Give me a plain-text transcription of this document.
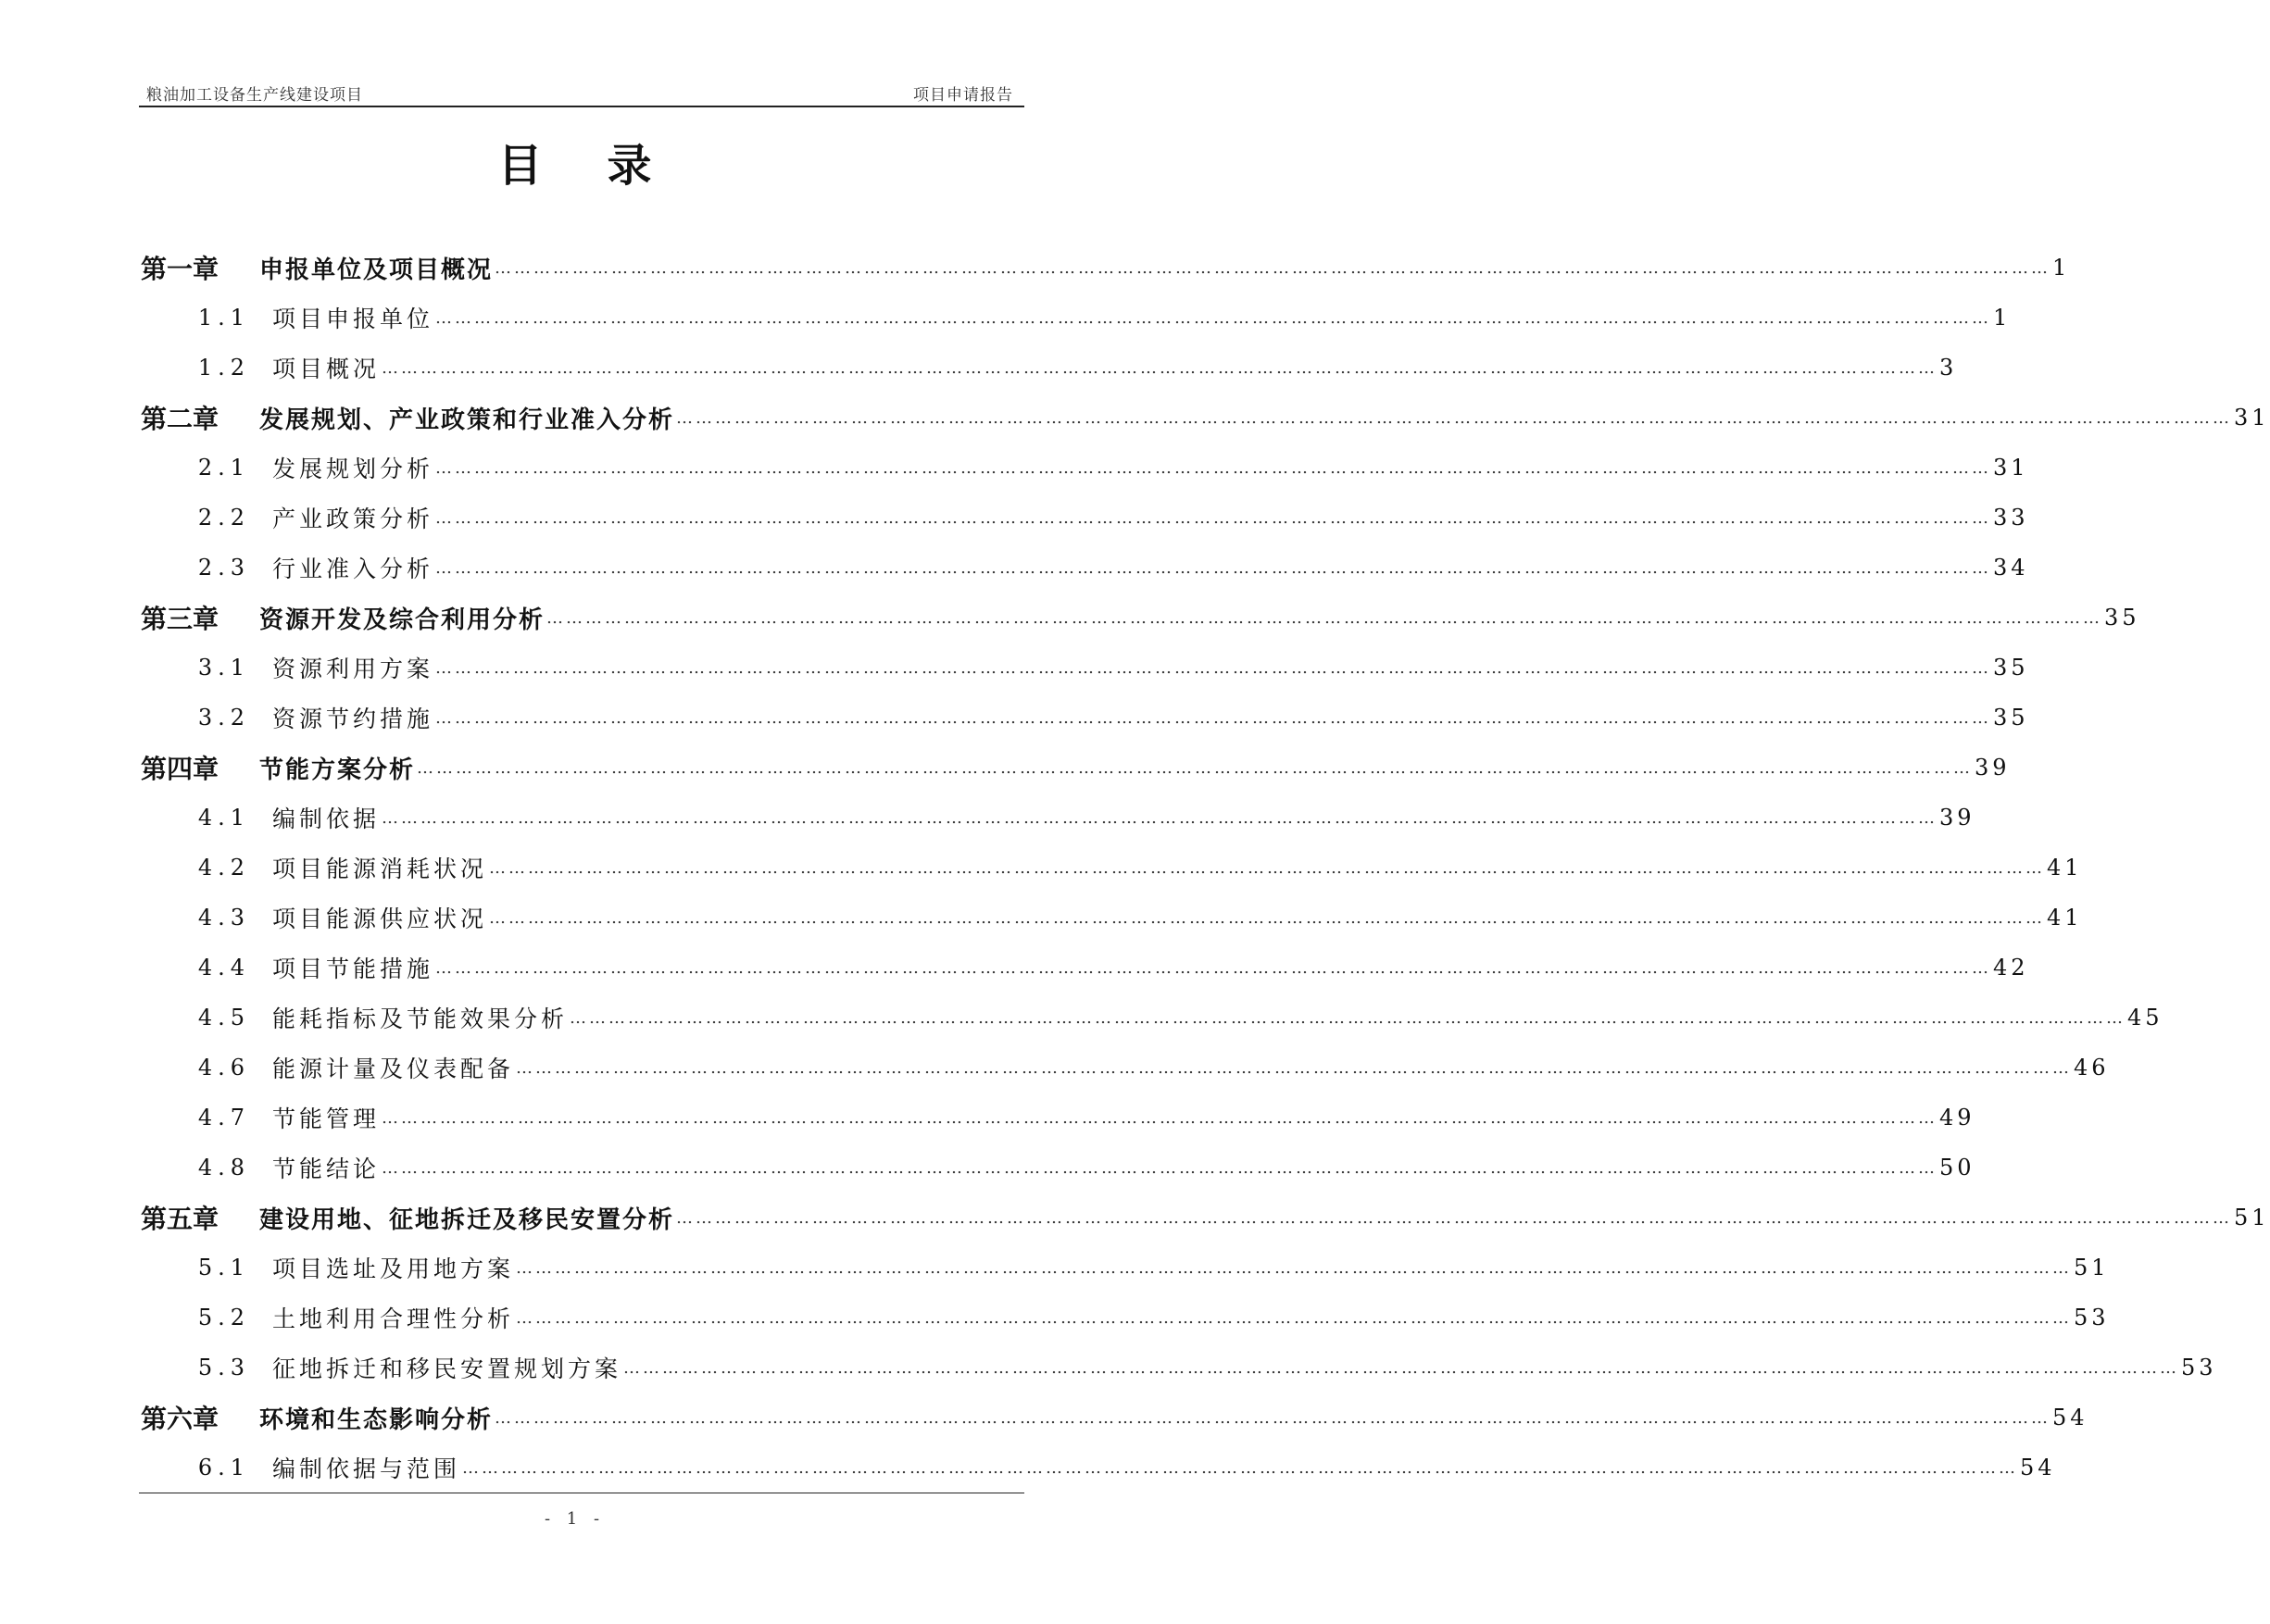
粮油加工设备生产线建设项目	项目申请报告
目录
第一章	申报单位及项目概况 …………………………………………………………………………………………………………………………………………………………………………………………………………………… 1
1.1 项目申报单位 …………………………………………………………………………………………………………………………………………………………………………………………………………………… 1
1.2 项目概况 …………………………………………………………………………………………………………………………………………………………………………………………………………………… 3
第二章	发展规划、产业政策和行业准入分析 …………………………………………………………………………………………………………………………………………………………………………………………………………………… 31
2.1 发展规划分析 …………………………………………………………………………………………………………………………………………………………………………………………………………………… 31
2.2 产业政策分析 …………………………………………………………………………………………………………………………………………………………………………………………………………………… 33
2.3 行业准入分析 …………………………………………………………………………………………………………………………………………………………………………………………………………………… 34
第三章	资源开发及综合利用分析 …………………………………………………………………………………………………………………………………………………………………………………………………………………… 35
3.1 资源利用方案 …………………………………………………………………………………………………………………………………………………………………………………………………………………… 35
3.2 资源节约措施 …………………………………………………………………………………………………………………………………………………………………………………………………………………… 35
第四章	节能方案分析 …………………………………………………………………………………………………………………………………………………………………………………………………………………… 39
4.1 编制依据 …………………………………………………………………………………………………………………………………………………………………………………………………………………… 39
4.2 项目能源消耗状况 …………………………………………………………………………………………………………………………………………………………………………………………………………………… 41
4.3 项目能源供应状况 …………………………………………………………………………………………………………………………………………………………………………………………………………………… 41
4.4 项目节能措施 …………………………………………………………………………………………………………………………………………………………………………………………………………………… 42
4.5 能耗指标及节能效果分析 …………………………………………………………………………………………………………………………………………………………………………………………………………………… 45
4.6 能源计量及仪表配备 …………………………………………………………………………………………………………………………………………………………………………………………………………………… 46
4.7 节能管理 …………………………………………………………………………………………………………………………………………………………………………………………………………………… 49
4.8 节能结论 …………………………………………………………………………………………………………………………………………………………………………………………………………………… 50
第五章	建设用地、征地拆迁及移民安置分析 …………………………………………………………………………………………………………………………………………………………………………………………………………………… 51
5.1 项目选址及用地方案 …………………………………………………………………………………………………………………………………………………………………………………………………………………… 51
5.2 土地利用合理性分析 …………………………………………………………………………………………………………………………………………………………………………………………………………………… 53
5.3 征地拆迁和移民安置规划方案 …………………………………………………………………………………………………………………………………………………………………………………………………………………… 53
第六章	环境和生态影响分析 …………………………………………………………………………………………………………………………………………………………………………………………………………………… 54
6.1 编制依据与范围 …………………………………………………………………………………………………………………………………………………………………………………………………………………… 54
- 1 -
